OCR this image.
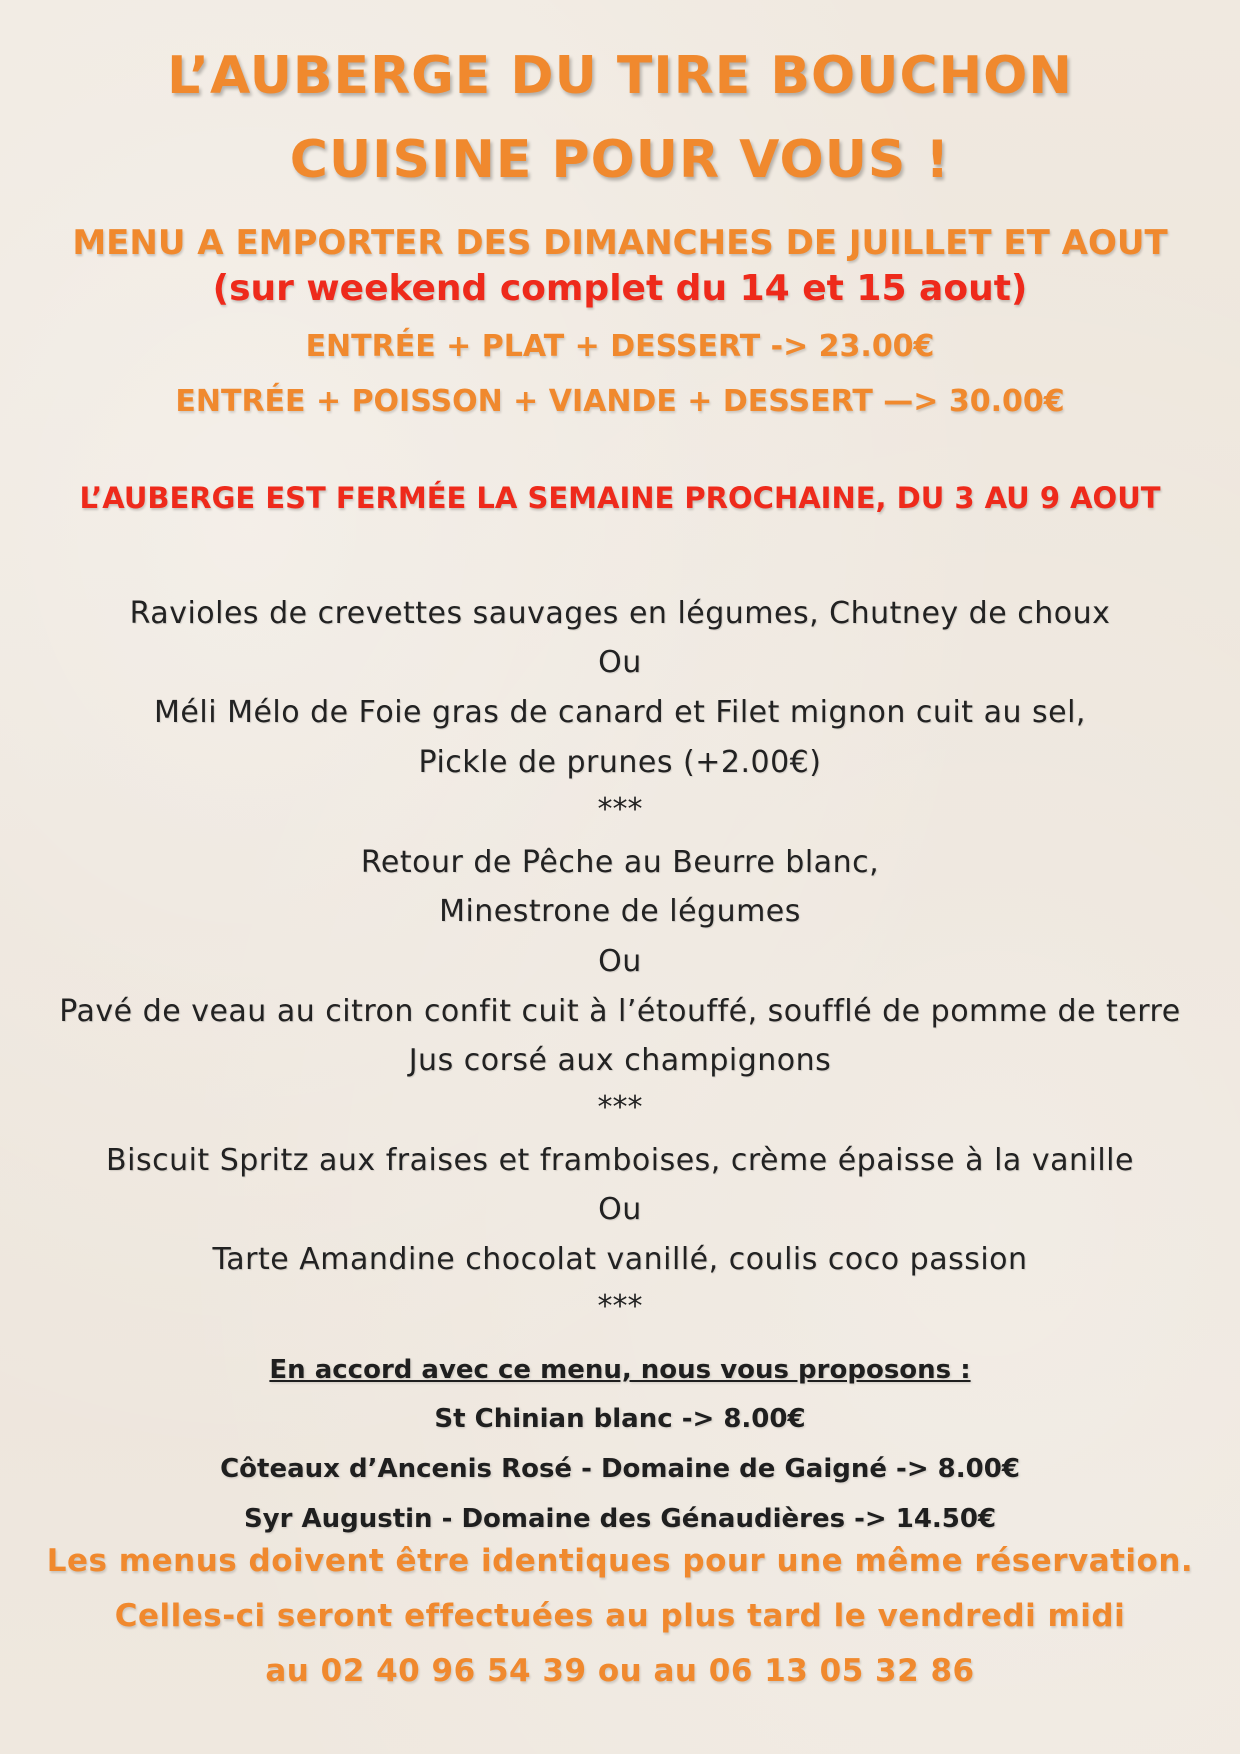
L’AUBERGE DU TIRE BOUCHON
CUISINE POUR VOUS !
MENU A EMPORTER DES DIMANCHES DE JUILLET ET AOUT
(sur weekend complet du 14 et 15 aout)
ENTRÉE + PLAT + DESSERT -> 23.00€
ENTRÉE + POISSON + VIANDE + DESSERT —> 30.00€
L’AUBERGE EST FERMÉE LA SEMAINE PROCHAINE, DU 3 AU 9 AOUT
Ravioles de crevettes sauvages en légumes, Chutney de choux
Ou
Méli Mélo de Foie gras de canard et Filet mignon cuit au sel,
Pickle de prunes (+2.00€)
***
Retour de Pêche au Beurre blanc,
Minestrone de légumes
Ou
Pavé de veau au citron confit cuit à l’étouffé, soufflé de pomme de terre
Jus corsé aux champignons
***
Biscuit Spritz aux fraises et framboises, crème épaisse à la vanille
Ou
Tarte Amandine chocolat vanillé, coulis coco passion
***
En accord avec ce menu, nous vous proposons :
St Chinian blanc -> 8.00€
Côteaux d’Ancenis Rosé - Domaine de Gaigné -> 8.00€
Syr Augustin - Domaine des Génaudières -> 14.50€
Les menus doivent être identiques pour une même réservation.
Celles-ci seront effectuées au plus tard le vendredi midi
au 02 40 96 54 39 ou au 06 13 05 32 86
